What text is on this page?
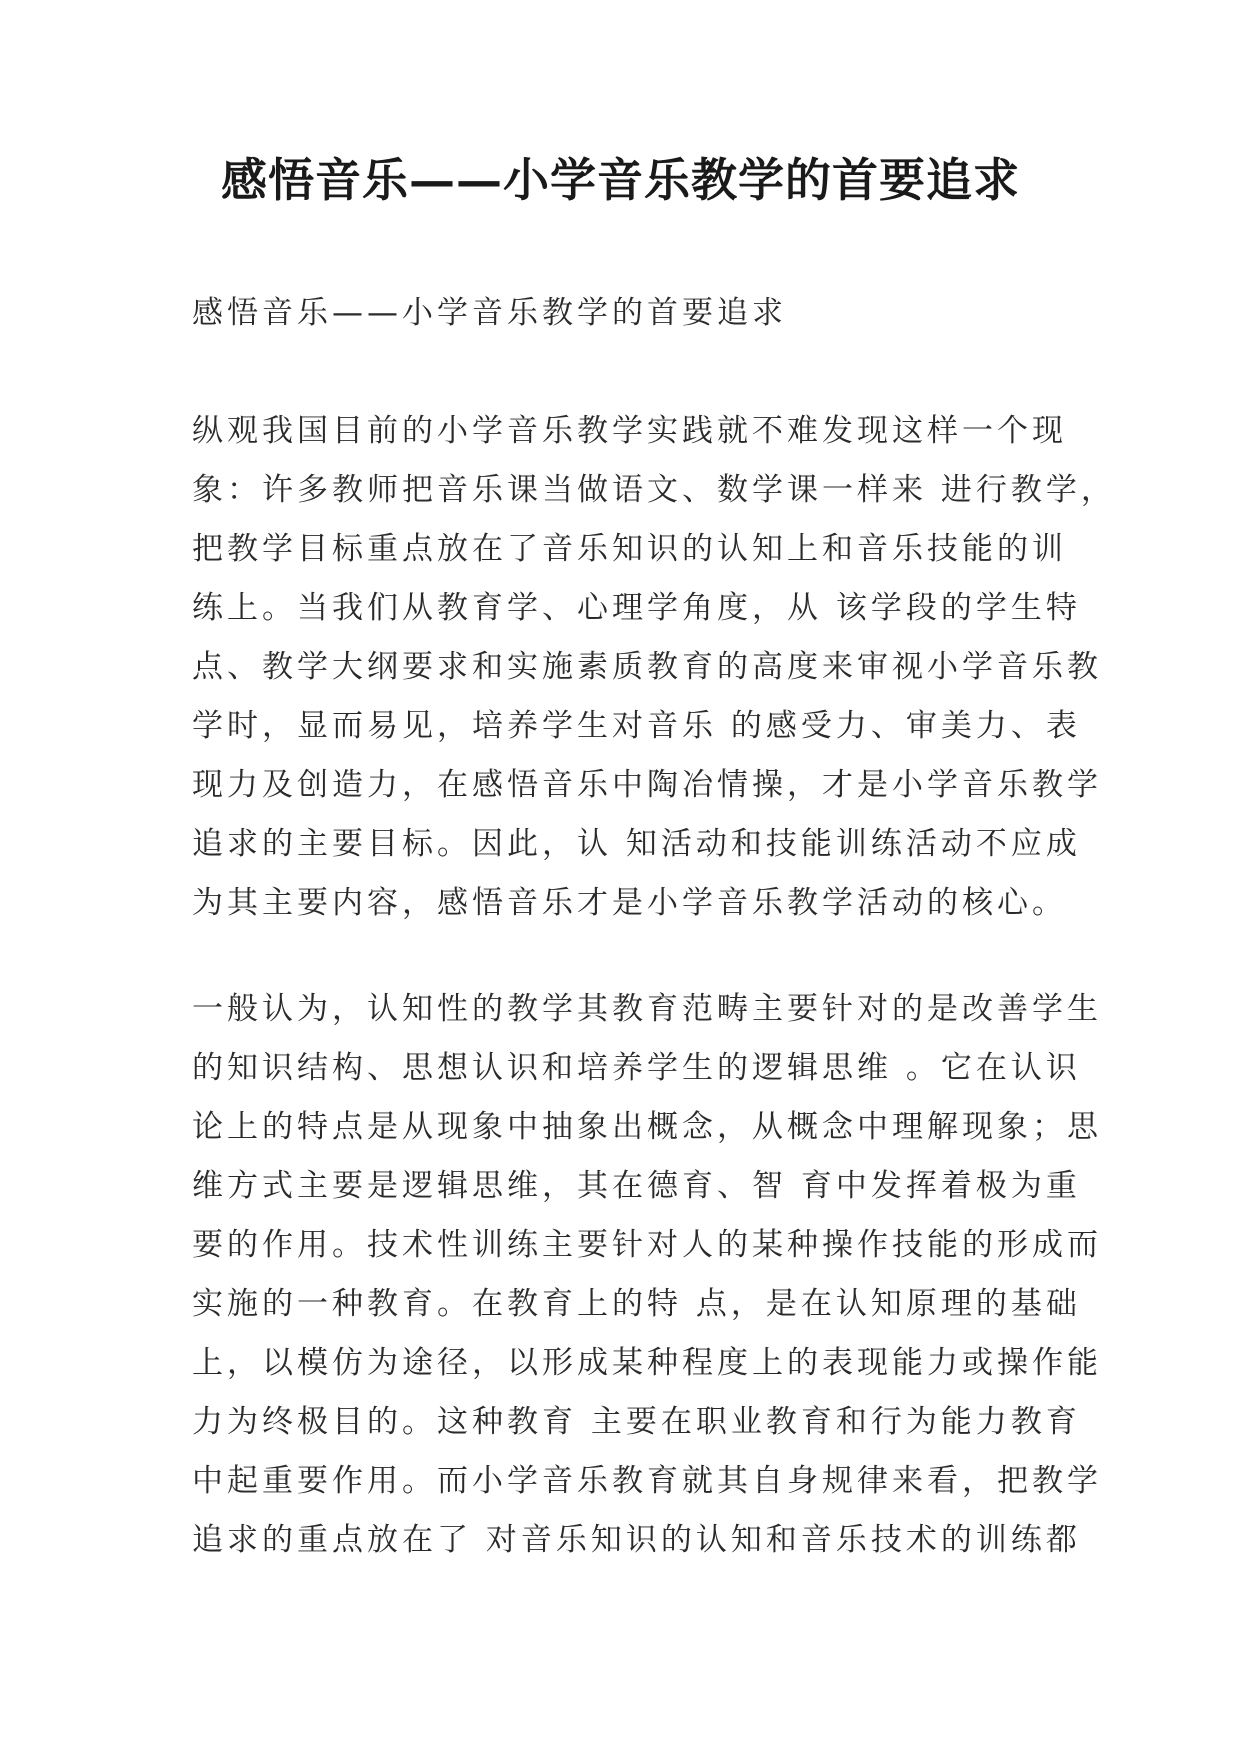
感悟音乐——小学音乐教学的首要追求

感悟音乐——小学音乐教学的首要追求

纵观我国目前的小学音乐教学实践就不难发现这样一个现
象：许多教师把音乐课当做语文、数学课一样来 进行教学，
把教学目标重点放在了音乐知识的认知上和音乐技能的训
练上。当我们从教育学、心理学角度，从 该学段的学生特
点、教学大纲要求和实施素质教育的高度来审视小学音乐教
学时，显而易见，培养学生对音乐 的感受力、审美力、表
现力及创造力，在感悟音乐中陶冶情操，才是小学音乐教学
追求的主要目标。因此，认 知活动和技能训练活动不应成
为其主要内容，感悟音乐才是小学音乐教学活动的核心。

一般认为，认知性的教学其教育范畴主要针对的是改善学生
的知识结构、思想认识和培养学生的逻辑思维 。它在认识
论上的特点是从现象中抽象出概念，从概念中理解现象；思
维方式主要是逻辑思维，其在德育、智 育中发挥着极为重
要的作用。技术性训练主要针对人的某种操作技能的形成而
实施的一种教育。在教育上的特 点，是在认知原理的基础
上，以模仿为途径，以形成某种程度上的表现能力或操作能
力为终极目的。这种教育 主要在职业教育和行为能力教育
中起重要作用。而小学音乐教育就其自身规律来看，把教学
追求的重点放在了 对音乐知识的认知和音乐技术的训练都
